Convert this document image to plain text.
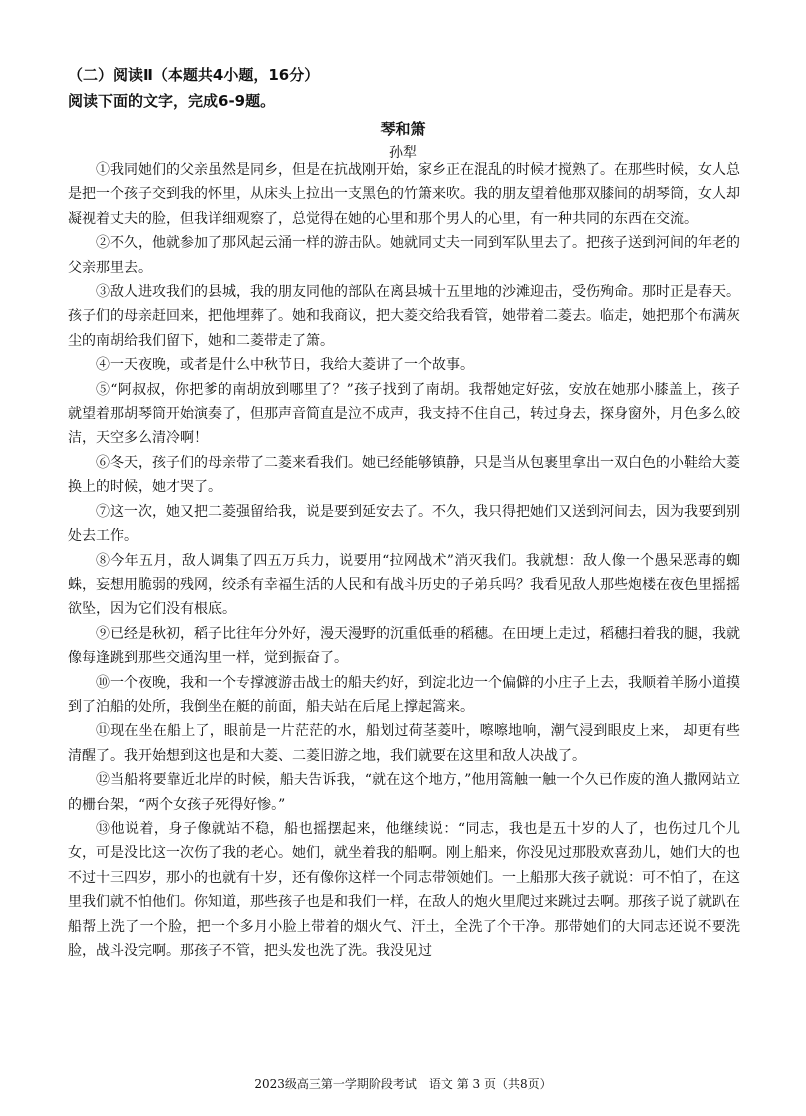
（二）阅读Ⅱ（本题共4小题，16分）
阅读下面的文字，完成6-9题。
琴和箫
孙犁

①我同她们的父亲虽然是同乡，但是在抗战刚开始，家乡正在混乱的时候才搅熟了。在那些时候，女人总是把一个孩子交到我的怀里，从床头上拉出一支黑色的竹箫来吹。我的朋友望着他那双膝间的胡琴筒，女人却凝视着丈夫的脸，但我详细观察了，总觉得在她的心里和那个男人的心里，有一种共同的东西在交流。

②不久，他就参加了那风起云涌一样的游击队。她就同丈夫一同到军队里去了。把孩子送到河间的年老的父亲那里去。

③敌人进攻我们的县城，我的朋友同他的部队在离县城十五里地的沙滩迎击，受伤殉命。那时正是春天。孩子们的母亲赶回来，把他埋葬了。她和我商议，把大菱交给我看管，她带着二菱去。临走，她把那个布满灰尘的南胡给我们留下，她和二菱带走了箫。

④一天夜晚，或者是什么中秋节日，我给大菱讲了一个故事。

⑤“阿叔叔，你把爹的南胡放到哪里了？”孩子找到了南胡。我帮她定好弦，安放在她那小膝盖上，孩子就望着那胡琴筒开始演奏了，但那声音简直是泣不成声，我支持不住自己，转过身去，探身窗外，月色多么皎洁，天空多么清冷啊！

⑥冬天，孩子们的母亲带了二菱来看我们。她已经能够镇静，只是当从包裹里拿出一双白色的小鞋给大菱换上的时候，她才哭了。

⑦这一次，她又把二菱强留给我，说是要到延安去了。不久，我只得把她们又送到河间去，因为我要到别处去工作。

⑧今年五月，敌人调集了四五万兵力，说要用“拉网战术”消灭我们。我就想：敌人像一个愚呆恶毒的蜘蛛，妄想用脆弱的残网，绞杀有幸福生活的人民和有战斗历史的子弟兵吗？我看见敌人那些炮楼在夜色里摇摇欲坠，因为它们没有根底。

⑨已经是秋初，稻子比往年分外好，漫天漫野的沉重低垂的稻穗。在田埂上走过，稻穗扫着我的腿，我就像每逢跳到那些交通沟里一样，觉到振奋了。

⑩一个夜晚，我和一个专撑渡游击战士的船夫约好，到淀北边一个偏僻的小庄子上去，我顺着羊肠小道摸到了泊船的处所，我倒坐在艇的前面，船夫站在后尾上撑起篙来。

⑪现在坐在船上了，眼前是一片茫茫的水，船划过荷茎菱叶，嚓嚓地响，潮气浸到眼皮上来， 却更有些清醒了。我开始想到这也是和大菱、二菱旧游之地，我们就要在这里和敌人决战了。

⑫当船将要靠近北岸的时候，船夫告诉我，“就在这个地方，”他用篙触一触一个久已作废的渔人撒网站立的栅台架，“两个女孩子死得好惨。”

⑬他说着，身子像就站不稳，船也摇摆起来，他继续说：“同志，我也是五十岁的人了，也伤过几个儿女，可是没比这一次伤了我的老心。她们，就坐着我的船啊。刚上船来，你没见过那股欢喜劲儿，她们大的也不过十三四岁，那小的也就有十岁，还有像你这样一个同志带领她们。一上船那大孩子就说：可不怕了，在这里我们就不怕他们。你知道，那些孩子也是和我们一样，在敌人的炮火里爬过来跳过去啊。那孩子说了就趴在船帮上洗了一个脸，把一个多月小脸上带着的烟火气、汗土，全洗了个干净。那带她们的大同志还说不要洗脸，战斗没完啊。那孩子不管，把头发也洗了洗。我没见过

2023级高三第一学期阶段考试　语文 第 3 页（共8页）
